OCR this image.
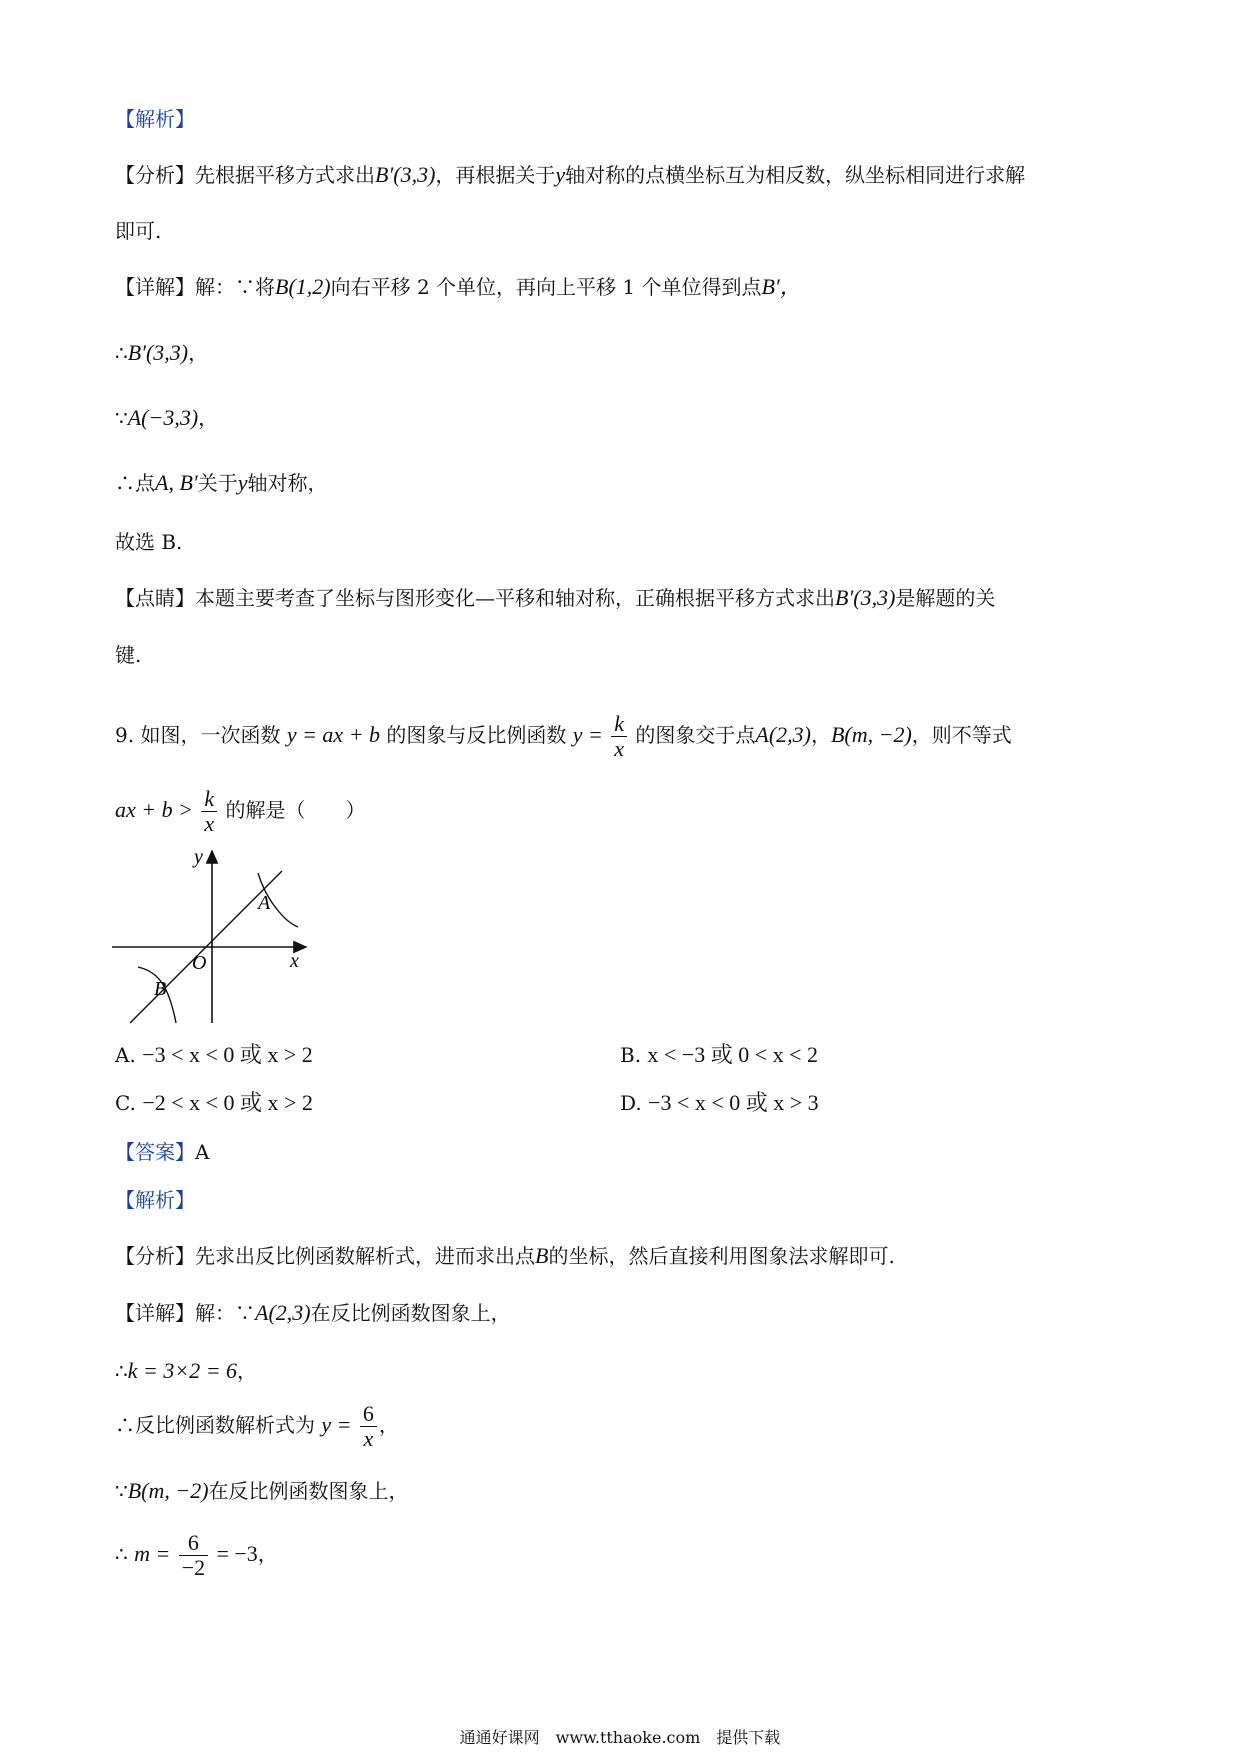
【解析】
【分析】先根据平移方式求出B′(3,3)，再根据关于y轴对称的点横坐标互为相反数，纵坐标相同进行求解
即可.
【详解】解：∵将B(1,2)向右平移 2 个单位，再向上平移 1 个单位得到点B′，
∴B′(3,3)，
∵A(−3,3)，
∴点A, B′关于y轴对称，
故选 B.
【点睛】本题主要考查了坐标与图形变化—平移和轴对称，正确根据平移方式求出B′(3,3)是解题的关
键.
9. 如图，一次函数 y = ax + b 的图象与反比例函数 $y = \frac{k}{x}$ 的图象交于点A(2,3)，B(m, −2)，则不等式
ax + $b > \frac{k}{x}$ 的解是（　　）
y
A
O	x
B
A. −3 < x < 0 或 x > 2	B. x < −3 或 0 < x < 2
C. −2 < x < 0 或 x > 2	D. −3 < x < 0 或 x > 3
【答案】A
【解析】
【分析】先求出反比例函数解析式，进而求出点B的坐标，然后直接利用图象法求解即可.
【详解】解：∵A(2,3)在反比例函数图象上，
∴k = 3×2 = 6，
∴反比例函数解析式为 $y = \frac{6}{x}$ ，
∵B(m, −2)在反比例函数图象上，
∴ $m = \frac{6}{-2} = -3$，
通通好课网　www.tthaoke.com　提供下载
